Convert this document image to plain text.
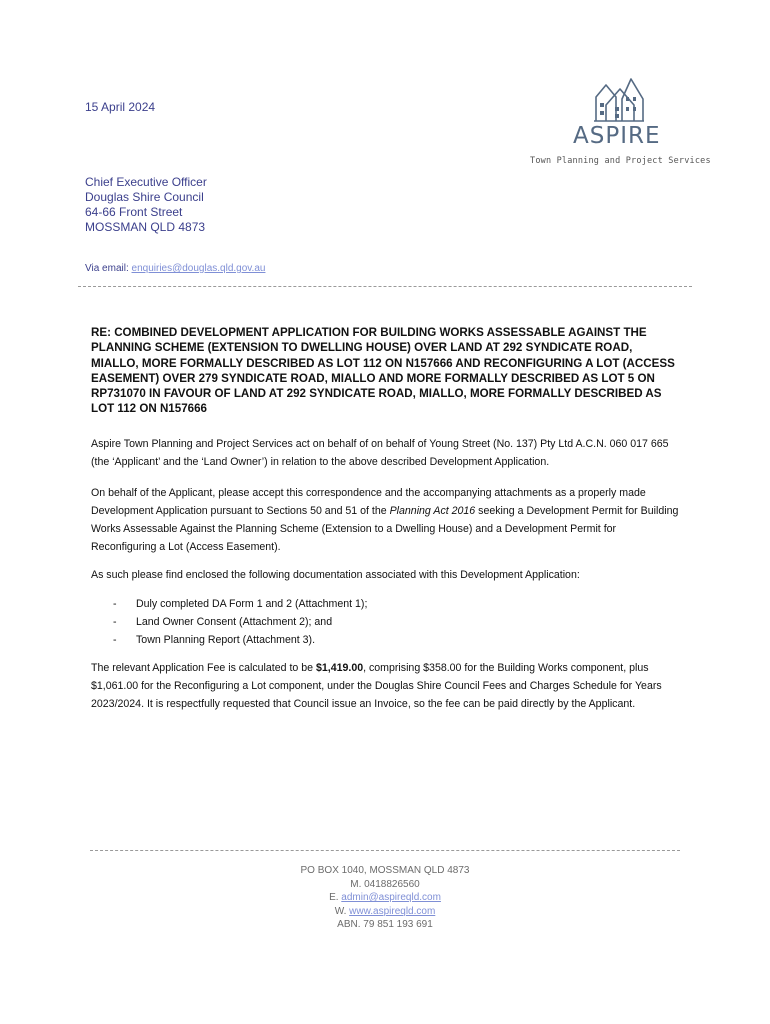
15 April 2024
ASPIRE
Town Planning and Project Services
Chief Executive Officer
Douglas Shire Council
64-66 Front Street
MOSSMAN QLD 4873
Via email: enquiries@douglas.qld.gov.au
RE: COMBINED DEVELOPMENT APPLICATION FOR BUILDING WORKS ASSESSABLE AGAINST THE PLANNING SCHEME (EXTENSION TO DWELLING HOUSE) OVER LAND AT 292 SYNDICATE ROAD, MIALLO, MORE FORMALLY DESCRIBED AS LOT 112 ON N157666 AND RECONFIGURING A LOT (ACCESS EASEMENT) OVER 279 SYNDICATE ROAD, MIALLO AND MORE FORMALLY DESCRIBED AS LOT 5 ON RP731070 IN FAVOUR OF LAND AT 292 SYNDICATE ROAD, MIALLO, MORE FORMALLY DESCRIBED AS LOT 112 ON N157666
Aspire Town Planning and Project Services act on behalf of on behalf of Young Street (No. 137) Pty Ltd A.C.N. 060 017 665 (the ‘Applicant’ and the ‘Land Owner’) in relation to the above described Development Application.
On behalf of the Applicant, please accept this correspondence and the accompanying attachments as a properly made Development Application pursuant to Sections 50 and 51 of the Planning Act 2016 seeking a Development Permit for Building Works Assessable Against the Planning Scheme (Extension to a Dwelling House) and a Development Permit for Reconfiguring a Lot (Access Easement).
As such please find enclosed the following documentation associated with this Development Application:
-	Duly completed DA Form 1 and 2 (Attachment 1);
-	Land Owner Consent (Attachment 2); and
-	Town Planning Report (Attachment 3).
The relevant Application Fee is calculated to be $1,419.00, comprising $358.00 for the Building Works component, plus $1,061.00 for the Reconfiguring a Lot component, under the Douglas Shire Council Fees and Charges Schedule for Years 2023/2024. It is respectfully requested that Council issue an Invoice, so the fee can be paid directly by the Applicant.
PO BOX 1040, MOSSMAN QLD 4873
M. 0418826560
E. admin@aspireqld.com
W. www.aspireqld.com
ABN. 79 851 193 691
